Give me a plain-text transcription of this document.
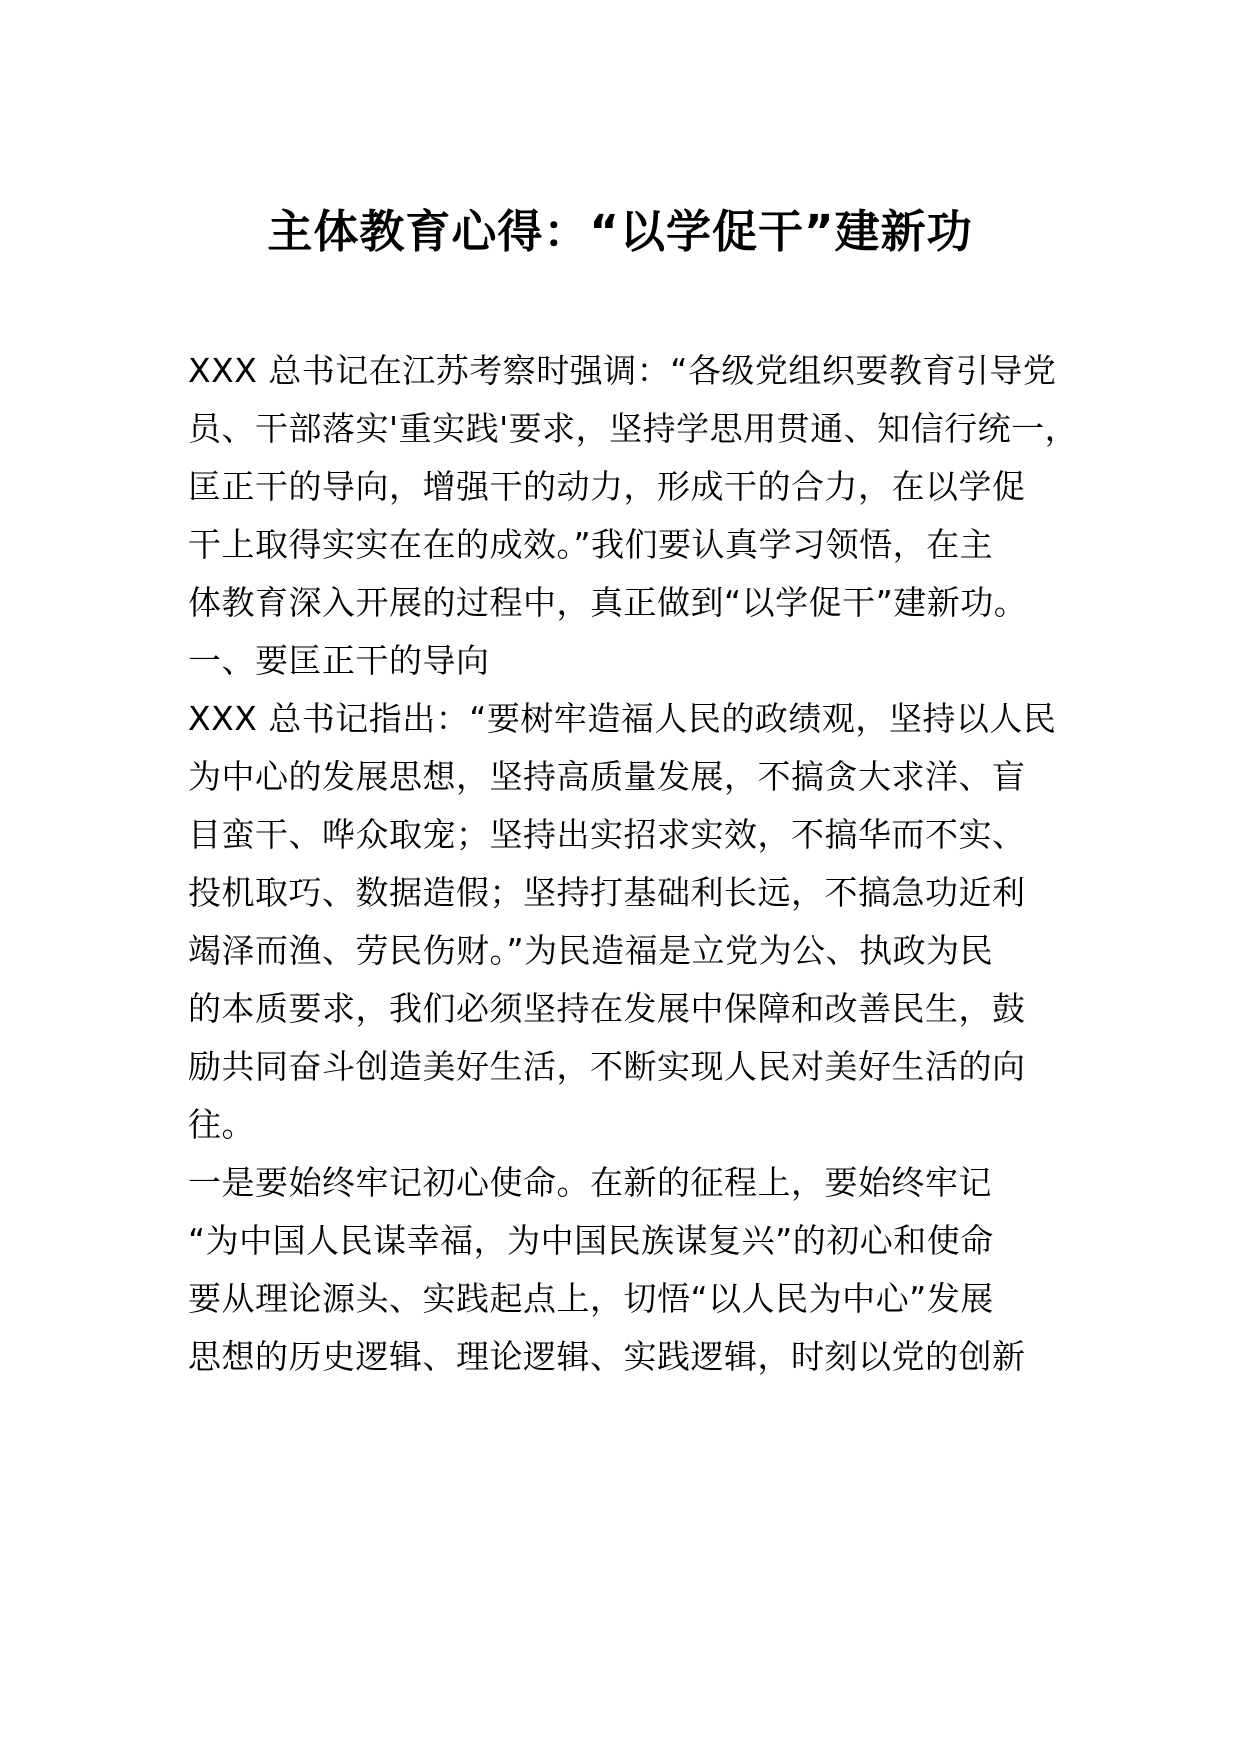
主体教育心得：“以学促干”建新功
XXX 总书记在江苏考察时强调：“各级党组织要教育引导党
员、干部落实'重实践'要求，坚持学思用贯通、知信行统一，
匡正干的导向，增强干的动力，形成干的合力，在以学促
干上取得实实在在的成效。”我们要认真学习领悟，在主
体教育深入开展的过程中，真正做到“以学促干”建新功。
一、要匡正干的导向
XXX 总书记指出：“要树牢造福人民的政绩观，坚持以人民
为中心的发展思想，坚持高质量发展，不搞贪大求洋、盲
目蛮干、哗众取宠；坚持出实招求实效，不搞华而不实、
投机取巧、数据造假；坚持打基础利长远，不搞急功近利
竭泽而渔、劳民伤财。”为民造福是立党为公、执政为民
的本质要求，我们必须坚持在发展中保障和改善民生，鼓
励共同奋斗创造美好生活，不断实现人民对美好生活的向
往。
一是要始终牢记初心使命。在新的征程上，要始终牢记
“为中国人民谋幸福，为中国民族谋复兴”的初心和使命
要从理论源头、实践起点上，切悟“以人民为中心”发展
思想的历史逻辑、理论逻辑、实践逻辑，时刻以党的创新
